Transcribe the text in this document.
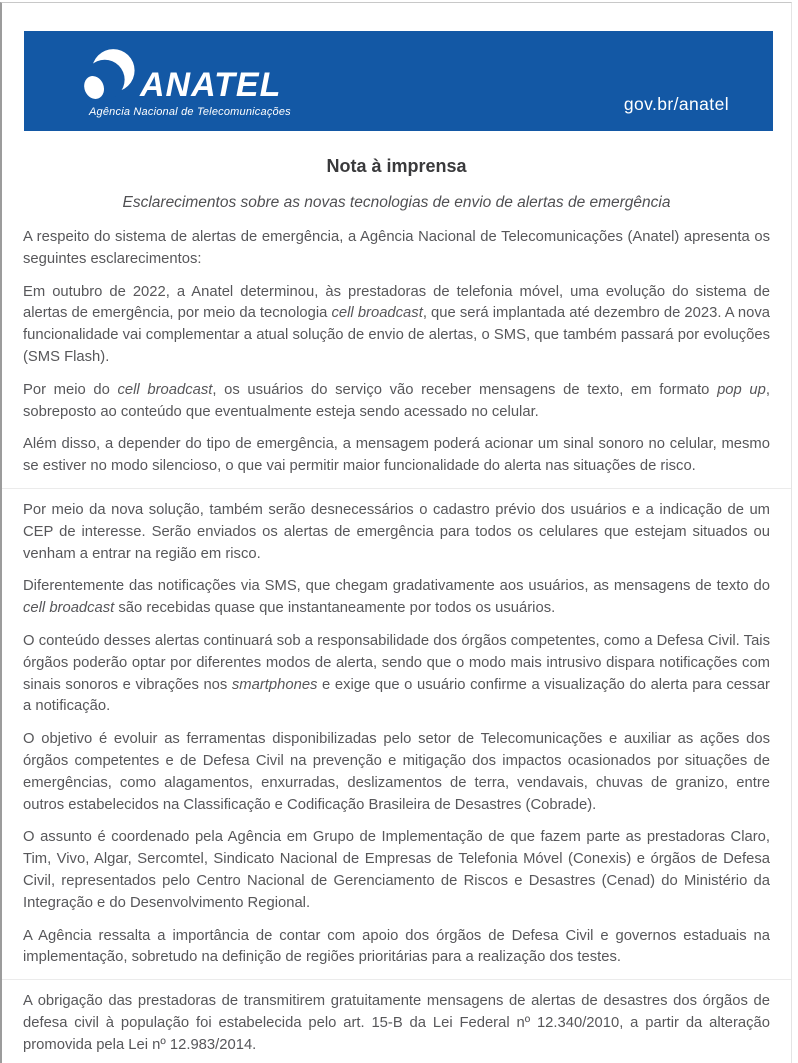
ANATEL
Agência Nacional de Telecomunicações	gov.br/anatel
Nota à imprensa
Esclarecimentos sobre as novas tecnologias de envio de alertas de emergência

A respeito do sistema de alertas de emergência, a Agência Nacional de Telecomunicações (Anatel) apresenta os seguintes esclarecimentos:

Em outubro de 2022, a Anatel determinou, às prestadoras de telefonia móvel, uma evolução do sistema de alertas de emergência, por meio da tecnologia cell broadcast, que será implantada até dezembro de 2023. A nova funcionalidade vai complementar a atual solução de envio de alertas, o SMS, que também passará por evoluções (SMS Flash).

Por meio do cell broadcast, os usuários do serviço vão receber mensagens de texto, em formato pop up, sobreposto ao conteúdo que eventualmente esteja sendo acessado no celular.

Além disso, a depender do tipo de emergência, a mensagem poderá acionar um sinal sonoro no celular, mesmo se estiver no modo silencioso, o que vai permitir maior funcionalidade do alerta nas situações de risco.

Por meio da nova solução, também serão desnecessários o cadastro prévio dos usuários e a indicação de um CEP de interesse. Serão enviados os alertas de emergência para todos os celulares que estejam situados ou venham a entrar na região em risco.

Diferentemente das notificações via SMS, que chegam gradativamente aos usuários, as mensagens de texto do cell broadcast são recebidas quase que instantaneamente por todos os usuários.

O conteúdo desses alertas continuará sob a responsabilidade dos órgãos competentes, como a Defesa Civil. Tais órgãos poderão optar por diferentes modos de alerta, sendo que o modo mais intrusivo dispara notificações com sinais sonoros e vibrações nos smartphones e exige que o usuário confirme a visualização do alerta para cessar a notificação.

O objetivo é evoluir as ferramentas disponibilizadas pelo setor de Telecomunicações e auxiliar as ações dos órgãos competentes e de Defesa Civil na prevenção e mitigação dos impactos ocasionados por situações de emergências, como alagamentos, enxurradas, deslizamentos de terra, vendavais, chuvas de granizo, entre outros estabelecidos na Classificação e Codificação Brasileira de Desastres (Cobrade).

O assunto é coordenado pela Agência em Grupo de Implementação de que fazem parte as prestadoras Claro, Tim, Vivo, Algar, Sercomtel, Sindicato Nacional de Empresas de Telefonia Móvel (Conexis) e órgãos de Defesa Civil, representados pelo Centro Nacional de Gerenciamento de Riscos e Desastres (Cenad) do Ministério da Integração e do Desenvolvimento Regional.

A Agência ressalta a importância de contar com apoio dos órgãos de Defesa Civil e governos estaduais na implementação, sobretudo na definição de regiões prioritárias para a realização dos testes.

A obrigação das prestadoras de transmitirem gratuitamente mensagens de alertas de desastres dos órgãos de defesa civil à população foi estabelecida pelo art. 15-B da Lei Federal nº 12.340/2010, a partir da alteração promovida pela Lei nº 12.983/2014.
